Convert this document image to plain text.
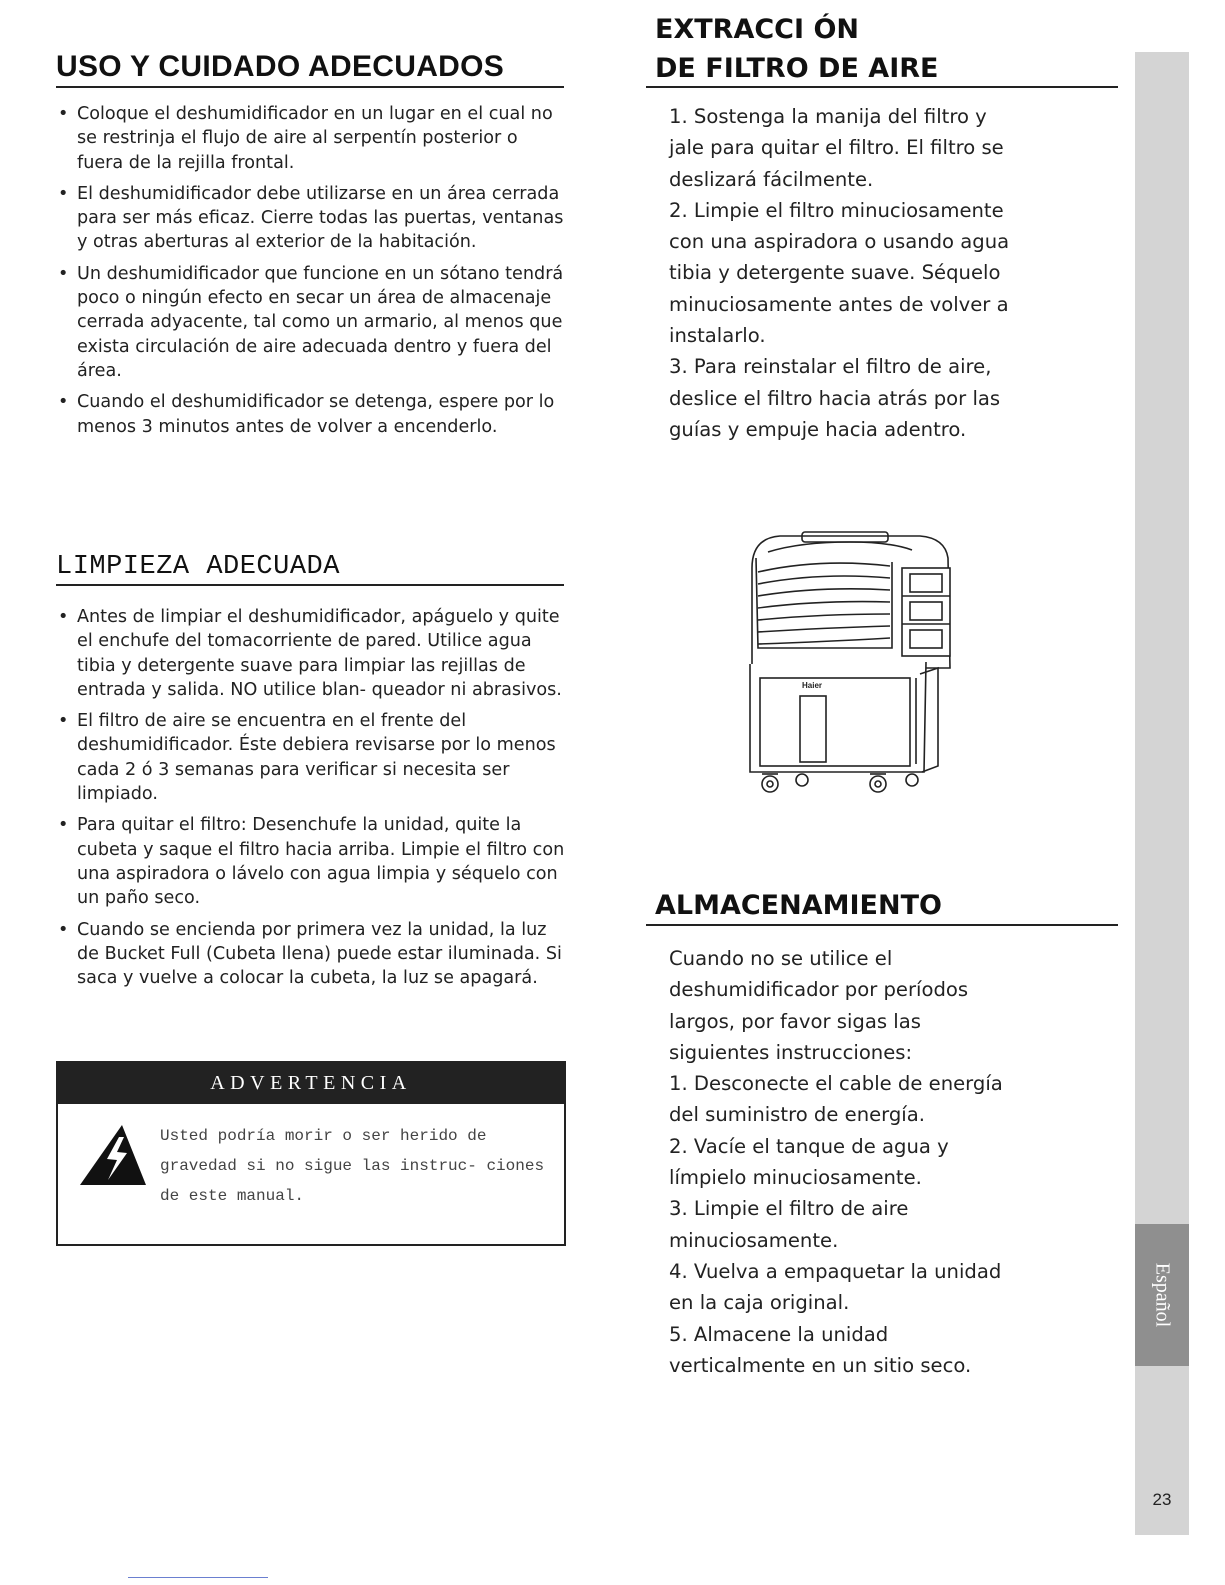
USO Y CUIDADO ADECUADOS
• Coloque el deshumidificador en un lugar en el cual no se restrinja el flujo de aire al serpentín posterior o fuera de la rejilla frontal.
• El deshumidificador debe utilizarse en un área cerrada para ser más eficaz. Cierre todas las puertas, ventanas y otras aberturas al exterior de la habitación.
• Un deshumidificador que funcione en un sótano tendrá poco o ningún efecto en secar un área de almacenaje cerrada adyacente, tal como un armario, al menos que exista circulación de aire adecuada dentro y fuera del área.
• Cuando el deshumidificador se detenga, espere por lo menos 3 minutos antes de volver a encenderlo.
LIMPIEZA ADECUADA
• Antes de limpiar el deshumidificador, apáguelo y quite el enchufe del tomacorriente de pared. Utilice agua tibia y detergente suave para limpiar las rejillas de entrada y salida. NO utilice blan- queador ni abrasivos.
• El filtro de aire se encuentra en el frente del deshumidificador. Éste debiera revisarse por lo menos cada 2 ó 3 semanas para verificar si necesita ser limpiado.
• Para quitar el filtro: Desenchufe la unidad, quite la cubeta y saque el filtro hacia arriba. Limpie el filtro con una aspiradora o lávelo con agua limpia y séquelo con un paño seco.
• Cuando se encienda por primera vez la unidad, la luz de Bucket Full (Cubeta llena) puede estar iluminada. Si saca y vuelve a colocar la cubeta, la luz se apagará.
ADVERTENCIA
Usted podría morir o ser herido de gravedad si no sigue las instruc- ciones de este manual.
EXTRACCI ÓN
DE FILTRO DE AIRE

1. Sostenga la manija del filtro y jale para quitar el filtro. El filtro se deslizará fácilmente.

2. Limpie el filtro minuciosamente con una aspiradora o usando agua tibia y detergente suave. Séquelo minuciosamente antes de volver a instalarlo.

3. Para reinstalar el filtro de aire, deslice el filtro hacia atrás por las guías y empuje hacia adentro.

Haier
ALMACENAMIENTO

Cuando no se utilice el deshumidificador por períodos largos, por favor sigas las siguientes instrucciones:

1. Desconecte el cable de energía del suministro de energía.

2. Vacíe el tanque de agua y límpielo minuciosamente.

3. Limpie el filtro de aire minuciosamente.

4. Vuelva a empaquetar la unidad en la caja original.

5. Almacene la unidad verticalmente en un sitio seco.

Español
23
